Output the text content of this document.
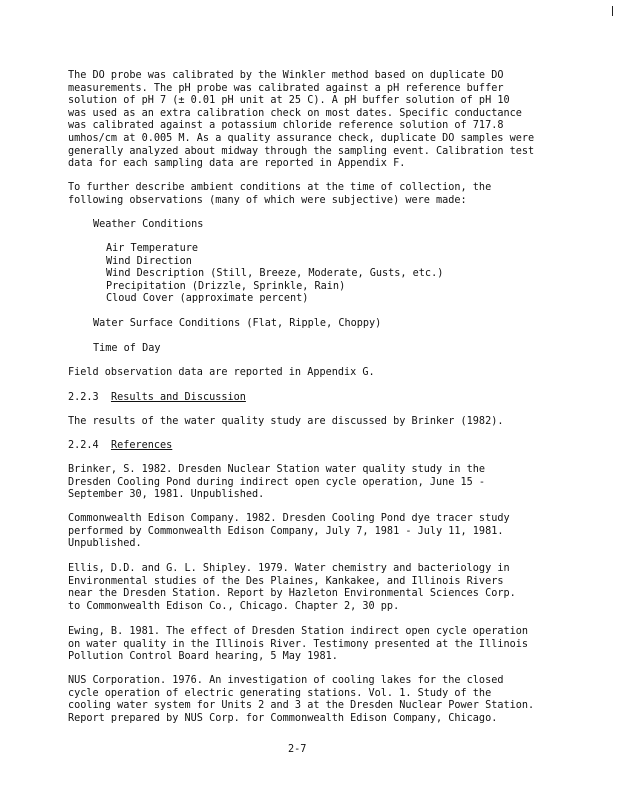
The DO probe was calibrated by the Winkler method based on duplicate DO
measurements. The pH probe was calibrated against a pH reference buffer
solution of pH 7 (± 0.01 pH unit at 25 C). A pH buffer solution of pH 10
was used as an extra calibration check on most dates. Specific conductance
was calibrated against a potassium chloride reference solution of 717.8
umhos/cm at 0.005 M. As a quality assurance check, duplicate DO samples were
generally analyzed about midway through the sampling event. Calibration test
data for each sampling data are reported in Appendix F.
To further describe ambient conditions at the time of collection, the
following observations (many of which were subjective) were made:
Weather Conditions
Air Temperature
Wind Direction
Wind Description (Still, Breeze, Moderate, Gusts, etc.)
Precipitation (Drizzle, Sprinkle, Rain)
Cloud Cover (approximate percent)
Water Surface Conditions (Flat, Ripple, Choppy)
Time of Day
Field observation data are reported in Appendix G.
2.2.3 Results and Discussion
The results of the water quality study are discussed by Brinker (1982).
2.2.4 References
Brinker, S. 1982. Dresden Nuclear Station water quality study in the
Dresden Cooling Pond during indirect open cycle operation, June 15 -
September 30, 1981. Unpublished.
Commonwealth Edison Company. 1982. Dresden Cooling Pond dye tracer study
performed by Commonwealth Edison Company, July 7, 1981 - July 11, 1981.
Unpublished.
Ellis, D.D. and G. L. Shipley. 1979. Water chemistry and bacteriology in
Environmental studies of the Des Plaines, Kankakee, and Illinois Rivers
near the Dresden Station. Report by Hazleton Environmental Sciences Corp.
to Commonwealth Edison Co., Chicago. Chapter 2, 30 pp.
Ewing, B. 1981. The effect of Dresden Station indirect open cycle operation
on water quality in the Illinois River. Testimony presented at the Illinois
Pollution Control Board hearing, 5 May 1981.
NUS Corporation. 1976. An investigation of cooling lakes for the closed
cycle operation of electric generating stations. Vol. 1. Study of the
cooling water system for Units 2 and 3 at the Dresden Nuclear Power Station.
Report prepared by NUS Corp. for Commonwealth Edison Company, Chicago.
2-7
